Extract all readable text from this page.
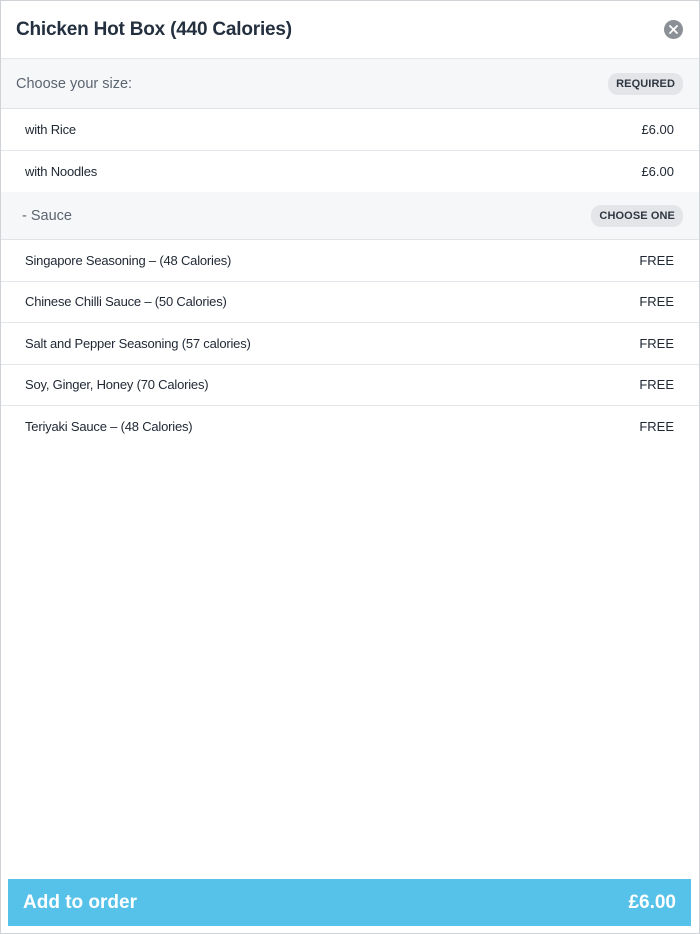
Chicken Hot Box (440 Calories)
Choose your size:	REQUIRED
with Rice	£6.00
with Noodles	£6.00
- Sauce	CHOOSE ONE
Singapore Seasoning – (48 Calories)	FREE
Chinese Chilli Sauce – (50 Calories)	FREE
Salt and Pepper Seasoning (57 calories)	FREE
Soy, Ginger, Honey (70 Calories)	FREE
Teriyaki Sauce – (48 Calories)	FREE
Add to order	£6.00
